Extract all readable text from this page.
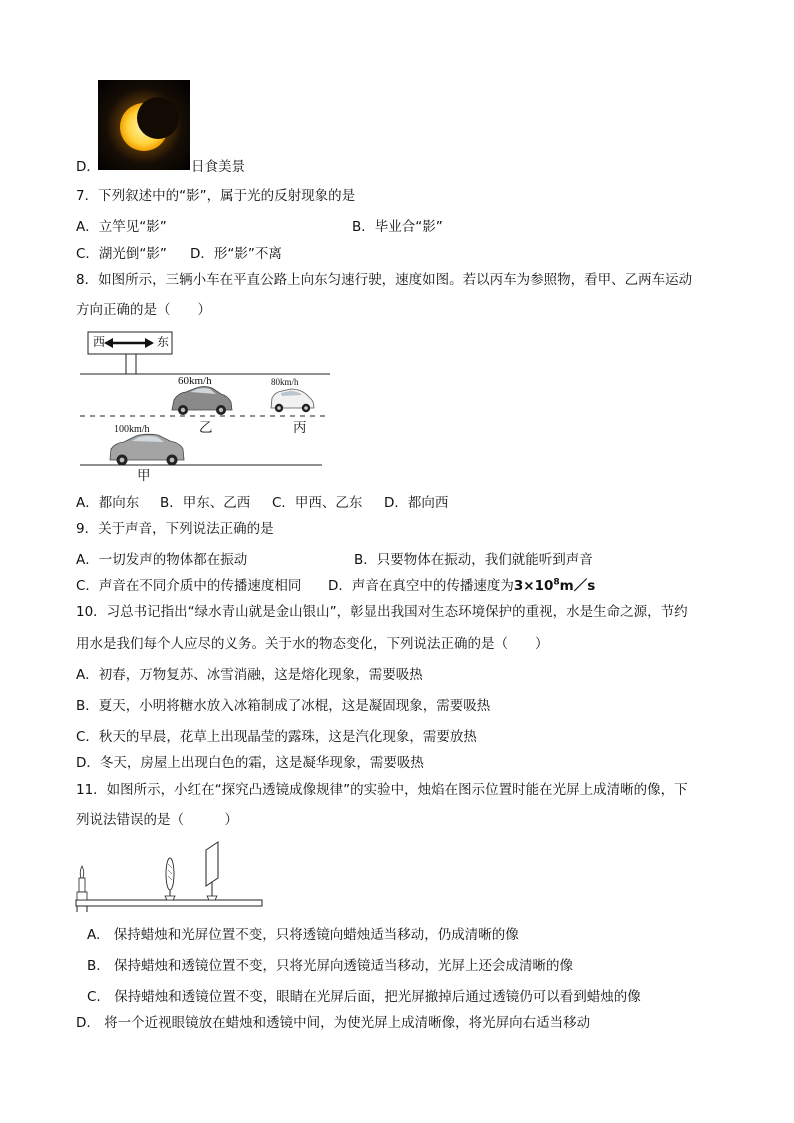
D．	日食美景
7．下列叙述中的“影”，属于光的反射现象的是
A．立竿见“影”	B．毕业合“影”
C．湖光倒“影” D．形“影”不离
8．如图所示，三辆小车在平直公路上向东匀速行驶，速度如图。若以丙车为参照物，看甲、乙两车运动
方向正确的是（　　）
西	东
60km/h	80km/h
100km/h	乙	丙
甲
A．都向东 B．甲东、乙西 C．甲西、乙东 D．都向西
9．关于声音，下列说法正确的是
A．一切发声的物体都在振动	B．只要物体在振动，我们就能听到声音
C．声音在不同介质中的传播速度相同 D．声音在真空中的传播速度为$3\times 10^8m/s$
10．习总书记指出“绿水青山就是金山银山”，彰显出我国对生态环境保护的重视，水是生命之源，节约
用水是我们每个人应尽的义务。关于水的物态变化，下列说法正确的是（　　）
A．初春，万物复苏、冰雪消融，这是熔化现象，需要吸热
B．夏天，小明将糖水放入冰箱制成了冰棍，这是凝固现象，需要吸热
C．秋天的早晨，花草上出现晶莹的露珠，这是汽化现象，需要放热
D．冬天，房屋上出现白色的霜，这是凝华现象，需要吸热
11．如图所示，小红在“探究凸透镜成像规律”的实验中，烛焰在图示位置时能在光屏上成清晰的像，下
列说法错误的是（　　　）
A.　保持蜡烛和光屏位置不变，只将透镜向蜡烛适当移动，仍成清晰的像
B.　保持蜡烛和透镜位置不变，只将光屏向透镜适当移动，光屏上还会成清晰的像
C.　保持蜡烛和透镜位置不变，眼睛在光屏后面，把光屏撤掉后通过透镜仍可以看到蜡烛的像
D.　将一个近视眼镜放在蜡烛和透镜中间，为使光屏上成清晰像，将光屏向右适当移动
